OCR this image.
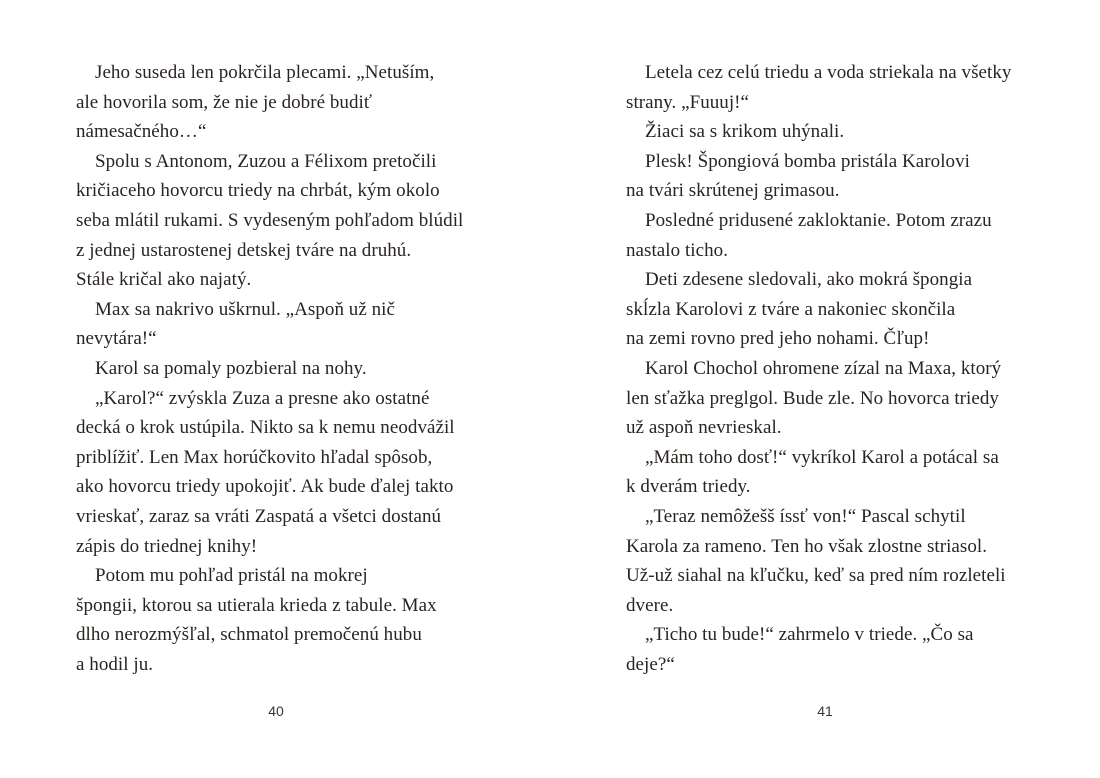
Jeho suseda len pokrčila plecami. „Netuším,
ale hovorila som, že nie je dobré budiť
námesačného…“
Spolu s Antonom, Zuzou a Félixom pretočili
kričiaceho hovorcu triedy na chrbát, kým okolo
seba mlátil rukami. S vydeseným pohľadom blúdil
z jednej ustarostenej detskej tváre na druhú.
Stále kričal ako najatý.
Max sa nakrivo uškrnul. „Aspoň už nič
nevytára!“
Karol sa pomaly pozbieral na nohy.
„Karol?“ zvýskla Zuza a presne ako ostatné
decká o krok ustúpila. Nikto sa k nemu neodvážil
priblížiť. Len Max horúčkovito hľadal spôsob,
ako hovorcu triedy upokojiť. Ak bude ďalej takto
vrieskať, zaraz sa vráti Zaspatá a všetci dostanú
zápis do triednej knihy!
Potom mu pohľad pristál na mokrej
špongii, ktorou sa utierala krieda z tabule. Max
dlho nerozmýšľal, schmatol premočenú hubu
a hodil ju.
40
Letela cez celú triedu a voda striekala na všetky
strany. „Fuuuj!“
Žiaci sa s krikom uhýnali.
Plesk! Špongiová bomba pristála Karolovi
na tvári skrútenej grimasou.
Posledné pridusené zakloktanie. Potom zrazu
nastalo ticho.
Deti zdesene sledovali, ako mokrá špongia
skĺzla Karolovi z tváre a nakoniec skončila
na zemi rovno pred jeho nohami. Čľup!
Karol Chochol ohromene zízal na Maxa, ktorý
len sťažka preglgol. Bude zle. No hovorca triedy
už aspoň nevrieskal.
„Mám toho dosť!“ vykríkol Karol a potácal sa
k dverám triedy.
„Teraz nemôžešš íssť von!“ Pascal schytil
Karola za rameno. Ten ho však zlostne striasol.
Už-už siahal na kľučku, keď sa pred ním rozleteli
dvere.
„Ticho tu bude!“ zahrmelo v triede. „Čo sa
deje?“
41
